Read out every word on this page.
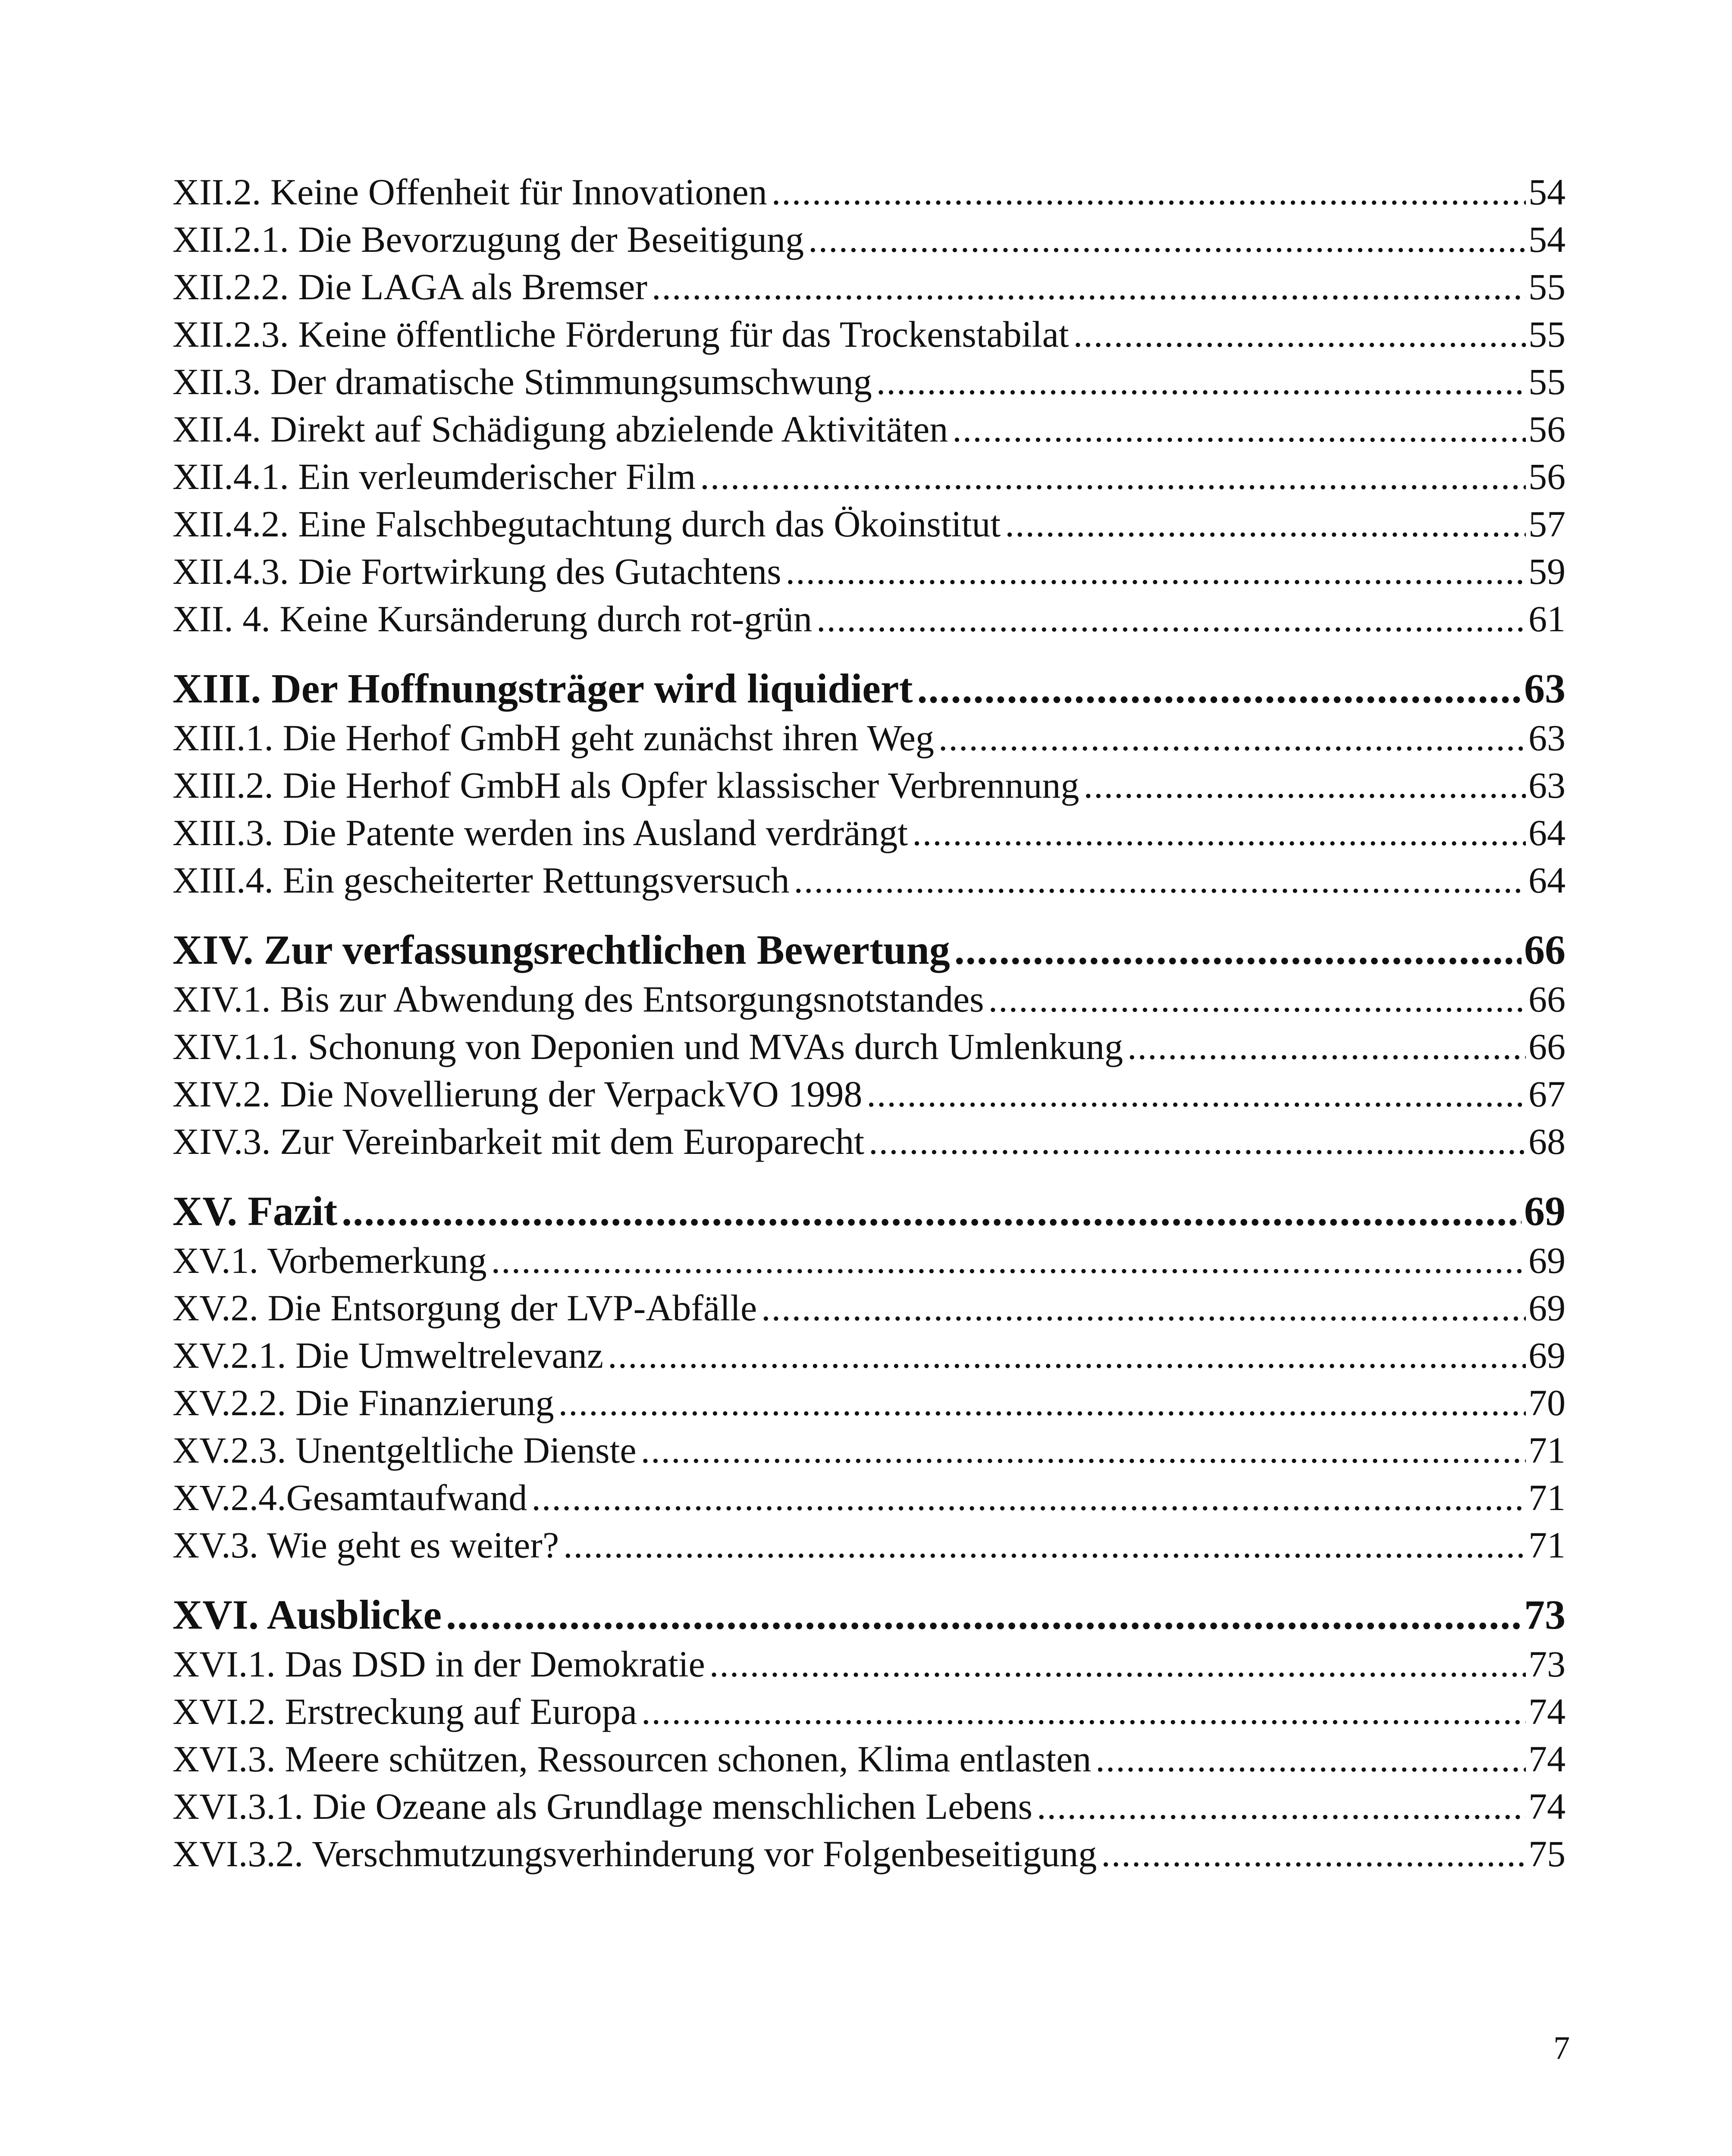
XII.2. Keine Offenheit für Innovationen .....	54
XII.2.1. Die Bevorzugung der Beseitigung .....	54
XII.2.2. Die LAGA als Bremser .....	55
XII.2.3. Keine öffentliche Förderung für das Trockenstabilat .....	55
XII.3. Der dramatische Stimmungsumschwung .....	55
XII.4. Direkt auf Schädigung abzielende Aktivitäten .....	56
XII.4.1. Ein verleumderischer Film .....	56
XII.4.2. Eine Falschbegutachtung durch das Ökoinstitut .....	57
XII.4.3. Die Fortwirkung des Gutachtens .....	59
XII. 4. Keine Kursänderung durch rot-grün .....	61
XIII. Der Hoffnungsträger wird liquidiert .....	63
XIII.1. Die Herhof GmbH geht zunächst ihren Weg .....	63
XIII.2. Die Herhof GmbH als Opfer klassischer Verbrennung .....	63
XIII.3. Die Patente werden ins Ausland verdrängt .....	64
XIII.4. Ein gescheiterter Rettungsversuch .....	64
XIV. Zur verfassungsrechtlichen Bewertung .....	66
XIV.1. Bis zur Abwendung des Entsorgungsnotstandes .....	66
XIV.1.1. Schonung von Deponien und MVAs durch Umlenkung .....	66
XIV.2. Die Novellierung der VerpackVO 1998 .....	67
XIV.3. Zur Vereinbarkeit mit dem Europarecht .....	68
XV. Fazit .....	69
XV.1. Vorbemerkung .....	69
XV.2. Die Entsorgung der LVP-Abfälle .....	69
XV.2.1. Die Umweltrelevanz .....	69
XV.2.2. Die Finanzierung .....	70
XV.2.3. Unentgeltliche Dienste .....	71
XV.2.4.Gesamtaufwand .....	71
XV.3. Wie geht es weiter? .....	71
XVI. Ausblicke .....	73
XVI.1. Das DSD in der Demokratie .....	73
XVI.2. Erstreckung auf Europa .....	74
XVI.3. Meere schützen, Ressourcen schonen, Klima entlasten .....	74
XVI.3.1. Die Ozeane als Grundlage menschlichen Lebens .....	74
XVI.3.2. Verschmutzungsverhinderung vor Folgenbeseitigung .....	75
7
